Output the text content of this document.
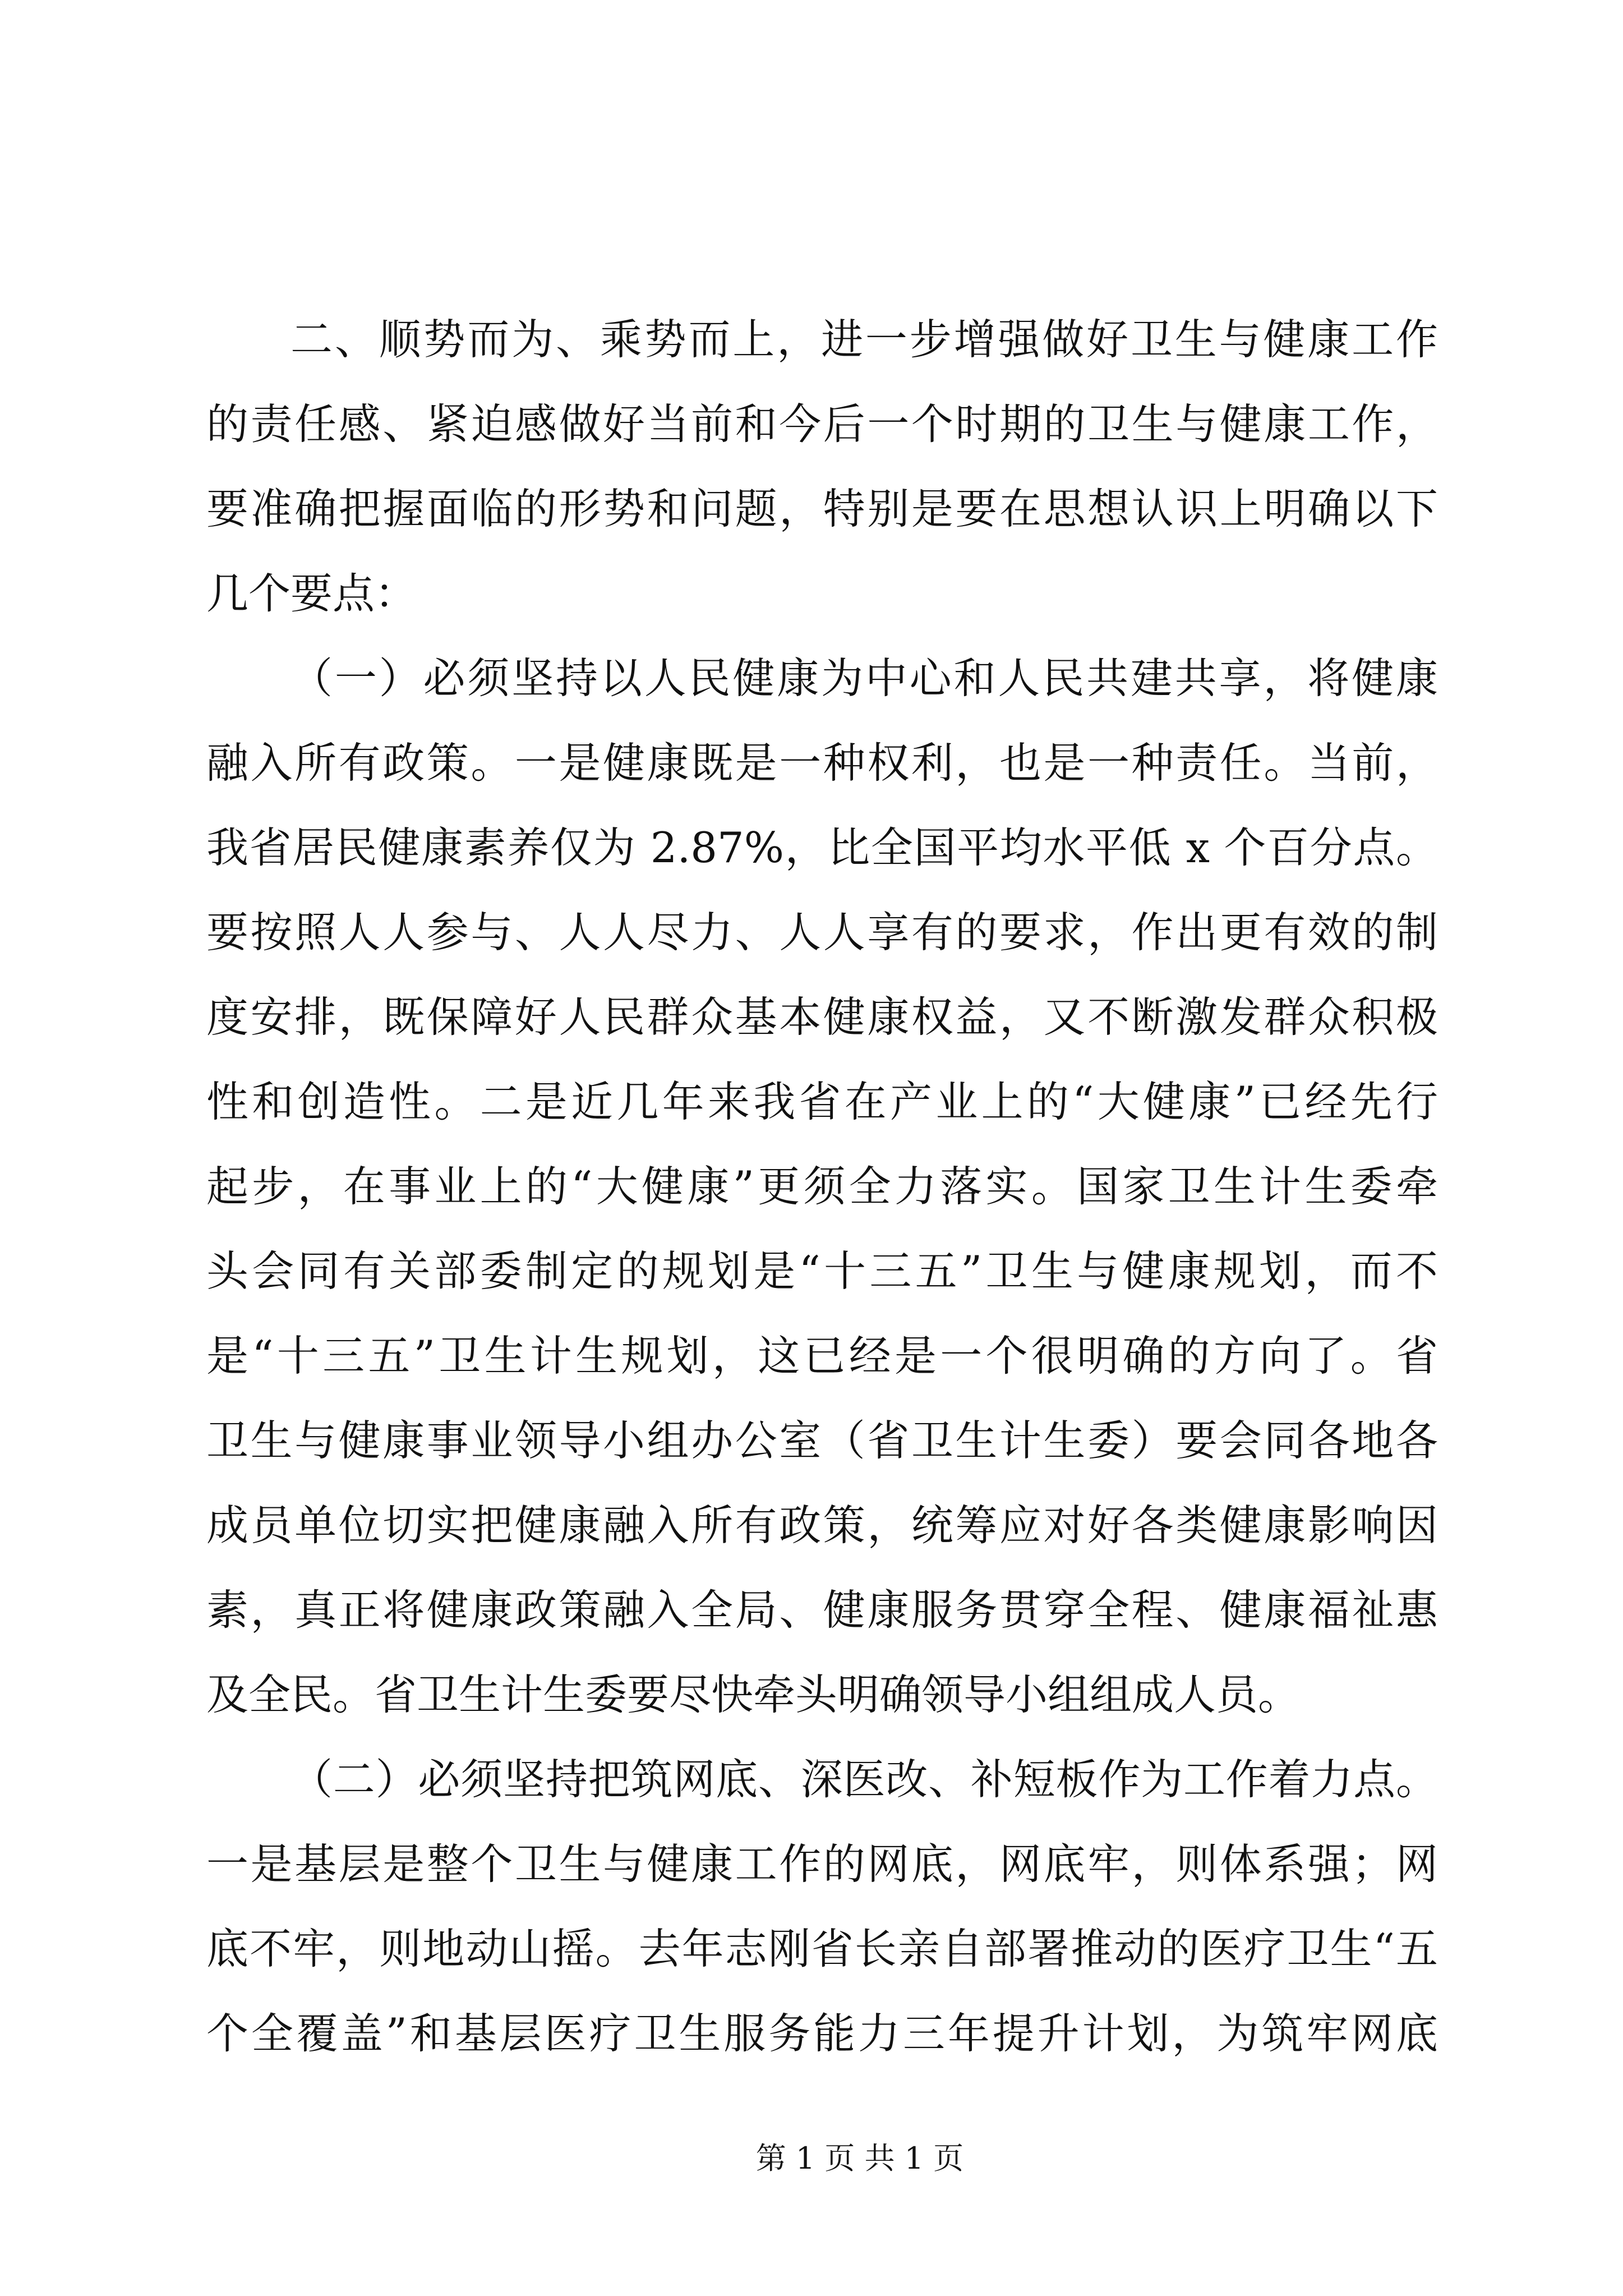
二、顺势而为、乘势而上，进一步增强做好卫生与健康工作
的责任感、紧迫感做好当前和今后一个时期的卫生与健康工作，
要准确把握面临的形势和问题，特别是要在思想认识上明确以下
几个要点：
（一）必须坚持以人民健康为中心和人民共建共享，将健康
融入所有政策。一是健康既是一种权利，也是一种责任。当前，
我省居民健康素养仅为 2.87%，比全国平均水平低 x 个百分点。
要按照人人参与、人人尽力、人人享有的要求，作出更有效的制
度安排，既保障好人民群众基本健康权益，又不断激发群众积极
性和创造性。二是近几年来我省在产业上的“大健康”已经先行
起步，在事业上的“大健康”更须全力落实。国家卫生计生委牵
头会同有关部委制定的规划是“十三五”卫生与健康规划，而不
是“十三五”卫生计生规划，这已经是一个很明确的方向了。省
卫生与健康事业领导小组办公室（省卫生计生委）要会同各地各
成员单位切实把健康融入所有政策，统筹应对好各类健康影响因
素，真正将健康政策融入全局、健康服务贯穿全程、健康福祉惠
及全民。省卫生计生委要尽快牵头明确领导小组组成人员。
（二）必须坚持把筑网底、深医改、补短板作为工作着力点。
一是基层是整个卫生与健康工作的网底，网底牢，则体系强；网
底不牢，则地动山摇。去年志刚省长亲自部署推动的医疗卫生“五
个全覆盖”和基层医疗卫生服务能力三年提升计划，为筑牢网底
第 1 页 共 1 页
